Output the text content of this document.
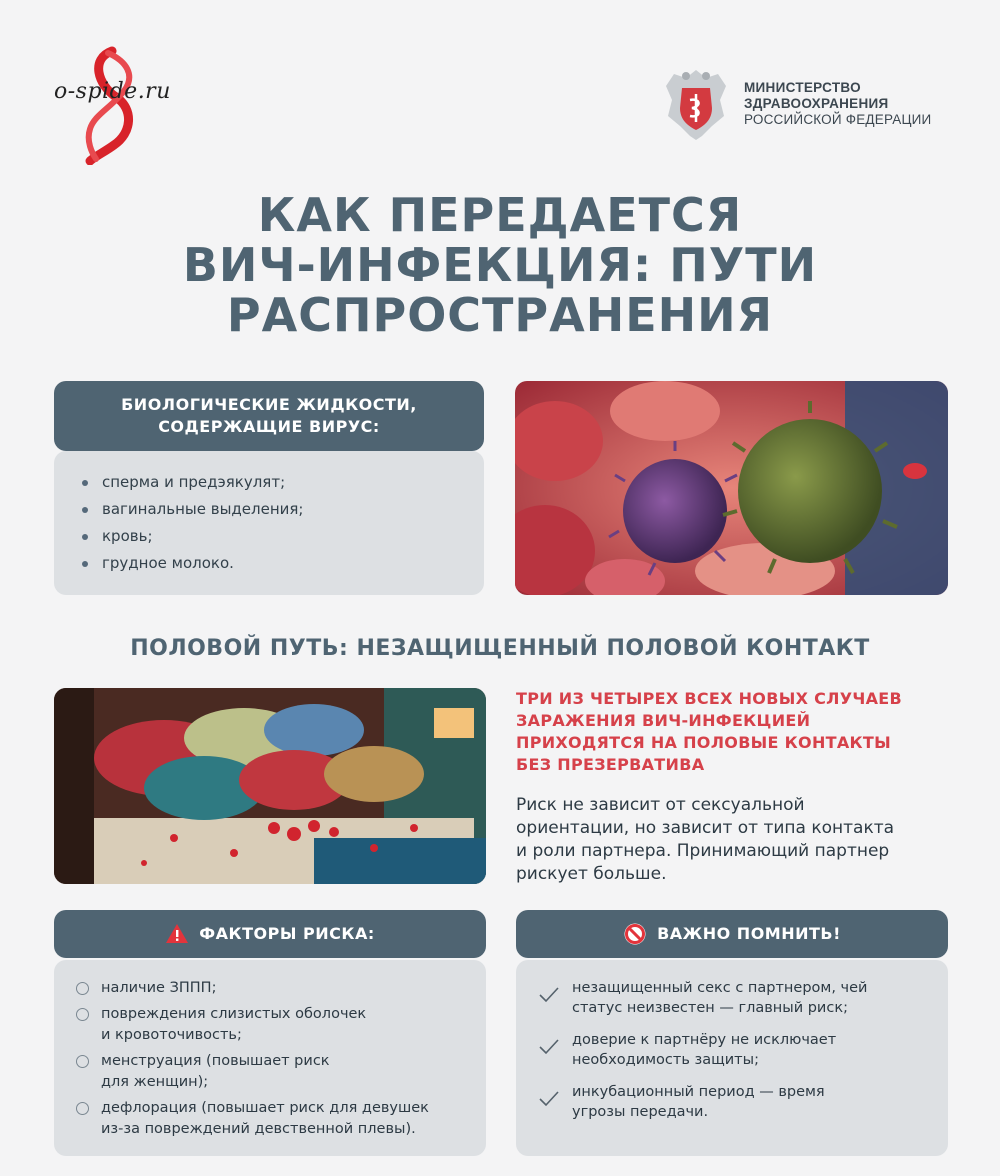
o-spide.ru	МИНИСТЕРСТВО
ЗДРАВООХРАНЕНИЯ
РОССИЙСКОЙ ФЕДЕРАЦИИ
КАК ПЕРЕДАЕТСЯ
ВИЧ-ИНФЕКЦИЯ: ПУТИ
РАСПРОСТРАНЕНИЯ
БИОЛОГИЧЕСКИЕ ЖИДКОСТИ,
СОДЕРЖАЩИЕ ВИРУС:
сперма и предэякулят;
вагинальные выделения;
кровь;
грудное молоко.
ПОЛОВОЙ ПУТЬ: НЕЗАЩИЩЕННЫЙ ПОЛОВОЙ КОНТАКТ
ТРИ ИЗ ЧЕТЫРЕХ ВСЕХ НОВЫХ СЛУЧАЕВ
ЗАРАЖЕНИЯ ВИЧ-ИНФЕКЦИЕЙ
ПРИХОДЯТСЯ НА ПОЛОВЫЕ КОНТАКТЫ
БЕЗ ПРЕЗЕРВАТИВА
Риск не зависит от сексуальной
ориентации, но зависит от типа контакта
и роли партнера. Принимающий партнер
рискует больше.
ФАКТОРЫ РИСКА:
наличие ЗППП;
повреждения слизистых оболочек
и кровоточивость;
менструация (повышает риск
для женщин);
дефлорация (повышает риск для девушек
из-за повреждений девственной плевы).
ВАЖНО ПОМНИТЬ!
незащищенный секс с партнером, чей
статус неизвестен — главный риск;
доверие к партнёру не исключает
необходимость защиты;
инкубационный период — время
угрозы передачи.
